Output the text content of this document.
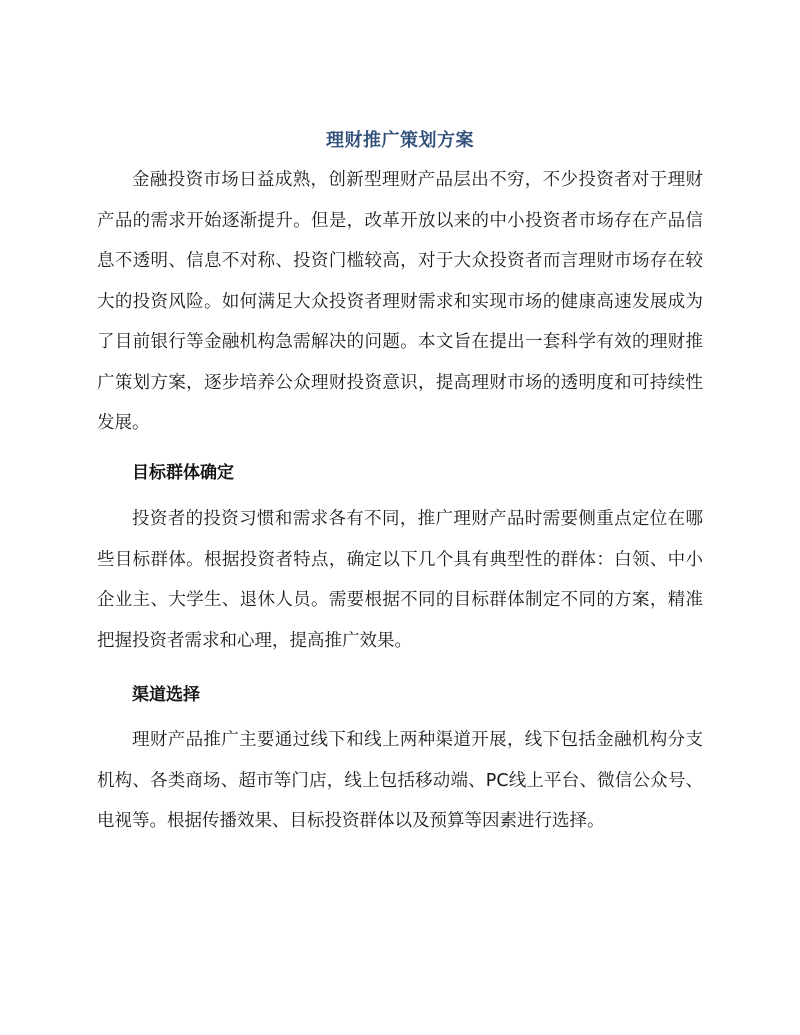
理财推广策划方案

金融投资市场日益成熟，创新型理财产品层出不穷，不少投资者对于理财产品的需求开始逐渐提升。但是，改革开放以来的中小投资者市场存在产品信息不透明、信息不对称、投资门槛较高，对于大众投资者而言理财市场存在较大的投资风险。如何满足大众投资者理财需求和实现市场的健康高速发展成为了目前银行等金融机构急需解决的问题。本文旨在提出一套科学有效的理财推广策划方案，逐步培养公众理财投资意识，提高理财市场的透明度和可持续性发展。

目标群体确定

投资者的投资习惯和需求各有不同，推广理财产品时需要侧重点定位在哪些目标群体。根据投资者特点，确定以下几个具有典型性的群体：白领、中小企业主、大学生、退休人员。需要根据不同的目标群体制定不同的方案，精准把握投资者需求和心理，提高推广效果。

渠道选择

理财产品推广主要通过线下和线上两种渠道开展，线下包括金融机构分支机构、各类商场、超市等门店，线上包括移动端、PC线上平台、微信公众号、电视等。根据传播效果、目标投资群体以及预算等因素进行选择。
